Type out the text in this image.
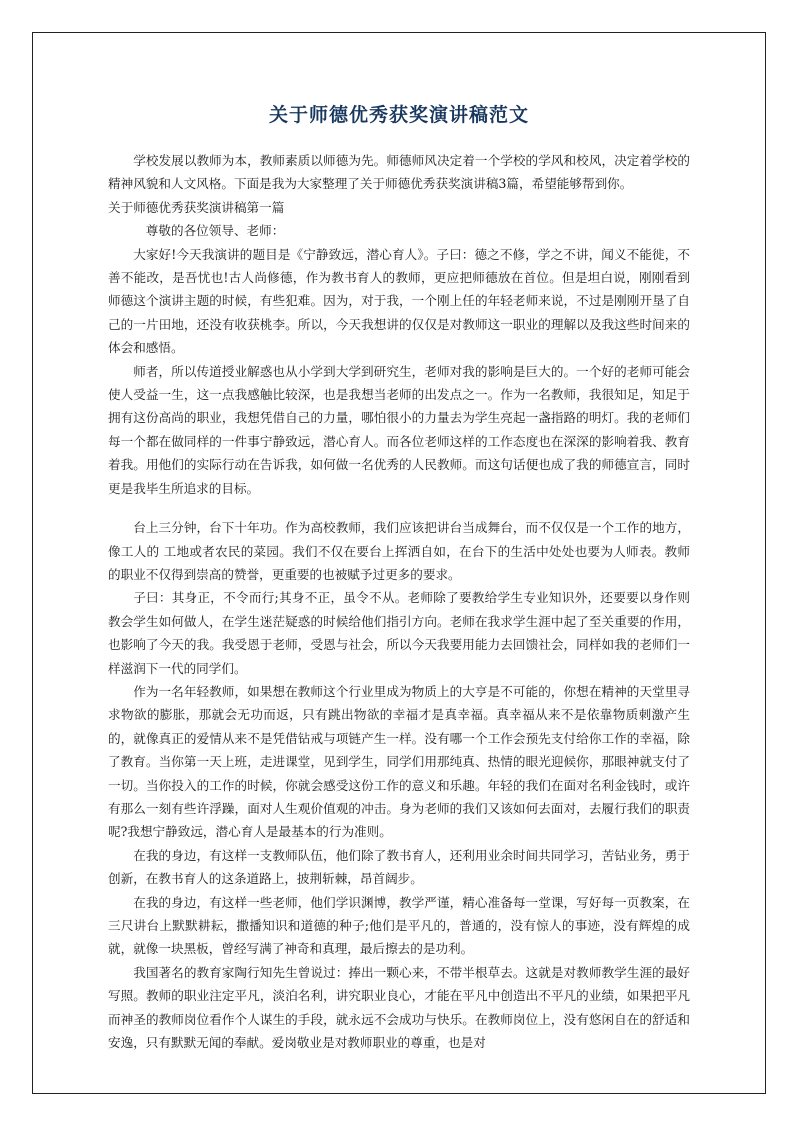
关于师德优秀获奖演讲稿范文

学校发展以教师为本，教师素质以师德为先。师德师风决定着一个学校的学风和校风，决定着学校的精神风貌和人文风格。下面是我为大家整理了关于师德优秀获奖演讲稿3篇，希望能够帮到你。

关于师德优秀获奖演讲稿第一篇

尊敬的各位领导、老师：

大家好!今天我演讲的题目是《宁静致远，潜心育人》。子曰：德之不修，学之不讲，闻义不能徙，不善不能改，是吾忧也!古人尚修德，作为教书育人的教师，更应把师德放在首位。但是坦白说，刚刚看到师德这个演讲主题的时候，有些犯难。因为，对于我，一个刚上任的年轻老师来说，不过是刚刚开垦了自己的一片田地，还没有收获桃李。所以，今天我想讲的仅仅是对教师这一职业的理解以及我这些时间来的体会和感悟。

师者，所以传道授业解惑也从小学到大学到研究生，老师对我的影响是巨大的。一个好的老师可能会使人受益一生，这一点我感触比较深，也是我想当老师的出发点之一。作为一名教师，我很知足，知足于拥有这份高尚的职业，我想凭借自己的力量，哪怕很小的力量去为学生亮起一盏指路的明灯。我的老师们每一个都在做同样的一件事宁静致远，潜心育人。而各位老师这样的工作态度也在深深的影响着我、教育着我。用他们的实际行动在告诉我，如何做一名优秀的人民教师。而这句话便也成了我的师德宣言，同时更是我毕生所追求的目标。

台上三分钟，台下十年功。作为高校教师，我们应该把讲台当成舞台，而不仅仅是一个工作的地方，像工人的 工地或者农民的菜园。我们不仅在要台上挥洒自如，在台下的生活中处处也要为人师表。教师的职业不仅得到崇高的赞誉，更重要的也被赋予过更多的要求。

子曰：其身正，不令而行;其身不正，虽令不从。老师除了要教给学生专业知识外，还要要以身作则教会学生如何做人，在学生迷茫疑惑的时候给他们指引方向。老师在我求学生涯中起了至关重要的作用，也影响了今天的我。我受恩于老师，受恩与社会，所以今天我要用能力去回馈社会，同样如我的老师们一样滋润下一代的同学们。

作为一名年轻教师，如果想在教师这个行业里成为物质上的大亨是不可能的，你想在精神的天堂里寻求物欲的膨胀，那就会无功而返，只有跳出物欲的幸福才是真幸福。真幸福从来不是依靠物质刺激产生的，就像真正的爱情从来不是凭借钻戒与项链产生一样。没有哪一个工作会预先支付给你工作的幸福，除了教育。当你第一天上班，走进课堂，见到学生，同学们用那纯真、热情的眼光迎候你，那眼神就支付了一切。当你投入的工作的时候，你就会感受这份工作的意义和乐趣。年轻的我们在面对名利金钱时，或许有那么一刻有些许浮躁，面对人生观价值观的冲击。身为老师的我们又该如何去面对，去履行我们的职责呢?我想宁静致远，潜心育人是最基本的行为准则。

在我的身边，有这样一支教师队伍，他们除了教书育人，还利用业余时间共同学习，苦钻业务，勇于创新，在教书育人的这条道路上，披荆斩棘，昂首阔步。

在我的身边，有这样一些老师，他们学识渊博，教学严谨，精心准备每一堂课，写好每一页教案，在三尺讲台上默默耕耘，撒播知识和道德的种子;他们是平凡的，普通的，没有惊人的事迹，没有辉煌的成就，就像一块黑板，曾经写满了神奇和真理，最后擦去的是功利。

我国著名的教育家陶行知先生曾说过：捧出一颗心来，不带半根草去。这就是对教师教学生涯的最好写照。教师的职业注定平凡，淡泊名利，讲究职业良心，才能在平凡中创造出不平凡的业绩，如果把平凡而神圣的教师岗位看作个人谋生的手段，就永远不会成功与快乐。在教师岗位上，没有悠闲自在的舒适和安逸，只有默默无闻的奉献。爱岗敬业是对教师职业的尊重，也是对
